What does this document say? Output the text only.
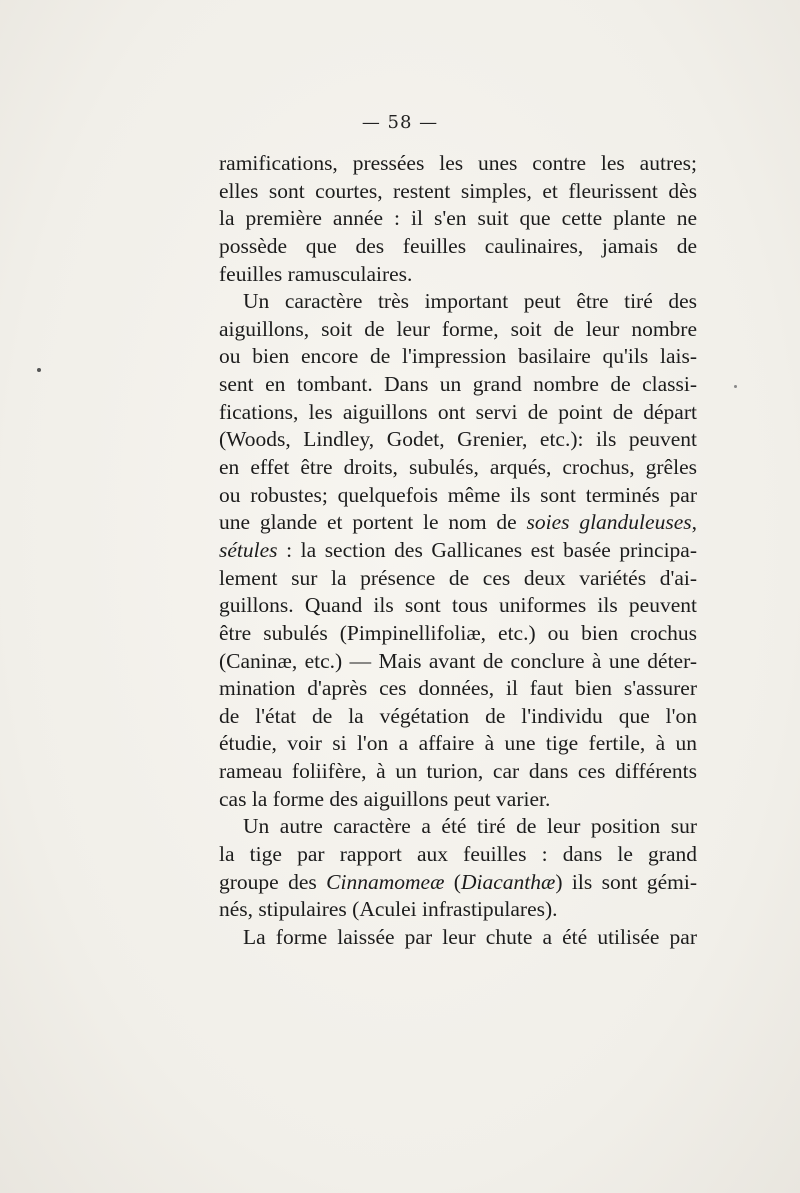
— 58 —
ramifications, pressées les unes contre les autres;
elles sont courtes, restent simples, et fleurissent dès
la première année : il s'en suit que cette plante ne
possède que des feuilles caulinaires, jamais de
feuilles ramusculaires.
Un caractère très important peut être tiré des
aiguillons, soit de leur forme, soit de leur nombre
ou bien encore de l'impression basilaire qu'ils lais-
sent en tombant. Dans un grand nombre de classi-
fications, les aiguillons ont servi de point de départ
(Woods, Lindley, Godet, Grenier, etc.): ils peuvent
en effet être droits, subulés, arqués, crochus, grêles
ou robustes; quelquefois même ils sont terminés par
une glande et portent le nom de soies glanduleuses,
sétules : la section des Gallicanes est basée principa-
lement sur la présence de ces deux variétés d'ai-
guillons. Quand ils sont tous uniformes ils peuvent
être subulés (Pimpinellifoliæ, etc.) ou bien crochus
(Caninæ, etc.) — Mais avant de conclure à une déter-
mination d'après ces données, il faut bien s'assurer
de l'état de la végétation de l'individu que l'on
étudie, voir si l'on a affaire à une tige fertile, à un
rameau foliifère, à un turion, car dans ces différents
cas la forme des aiguillons peut varier.
Un autre caractère a été tiré de leur position sur
la tige par rapport aux feuilles : dans le grand
groupe des Cinnamomeæ (Diacanthæ) ils sont gémi-
nés, stipulaires (Aculei infrastipulares).
La forme laissée par leur chute a été utilisée par
